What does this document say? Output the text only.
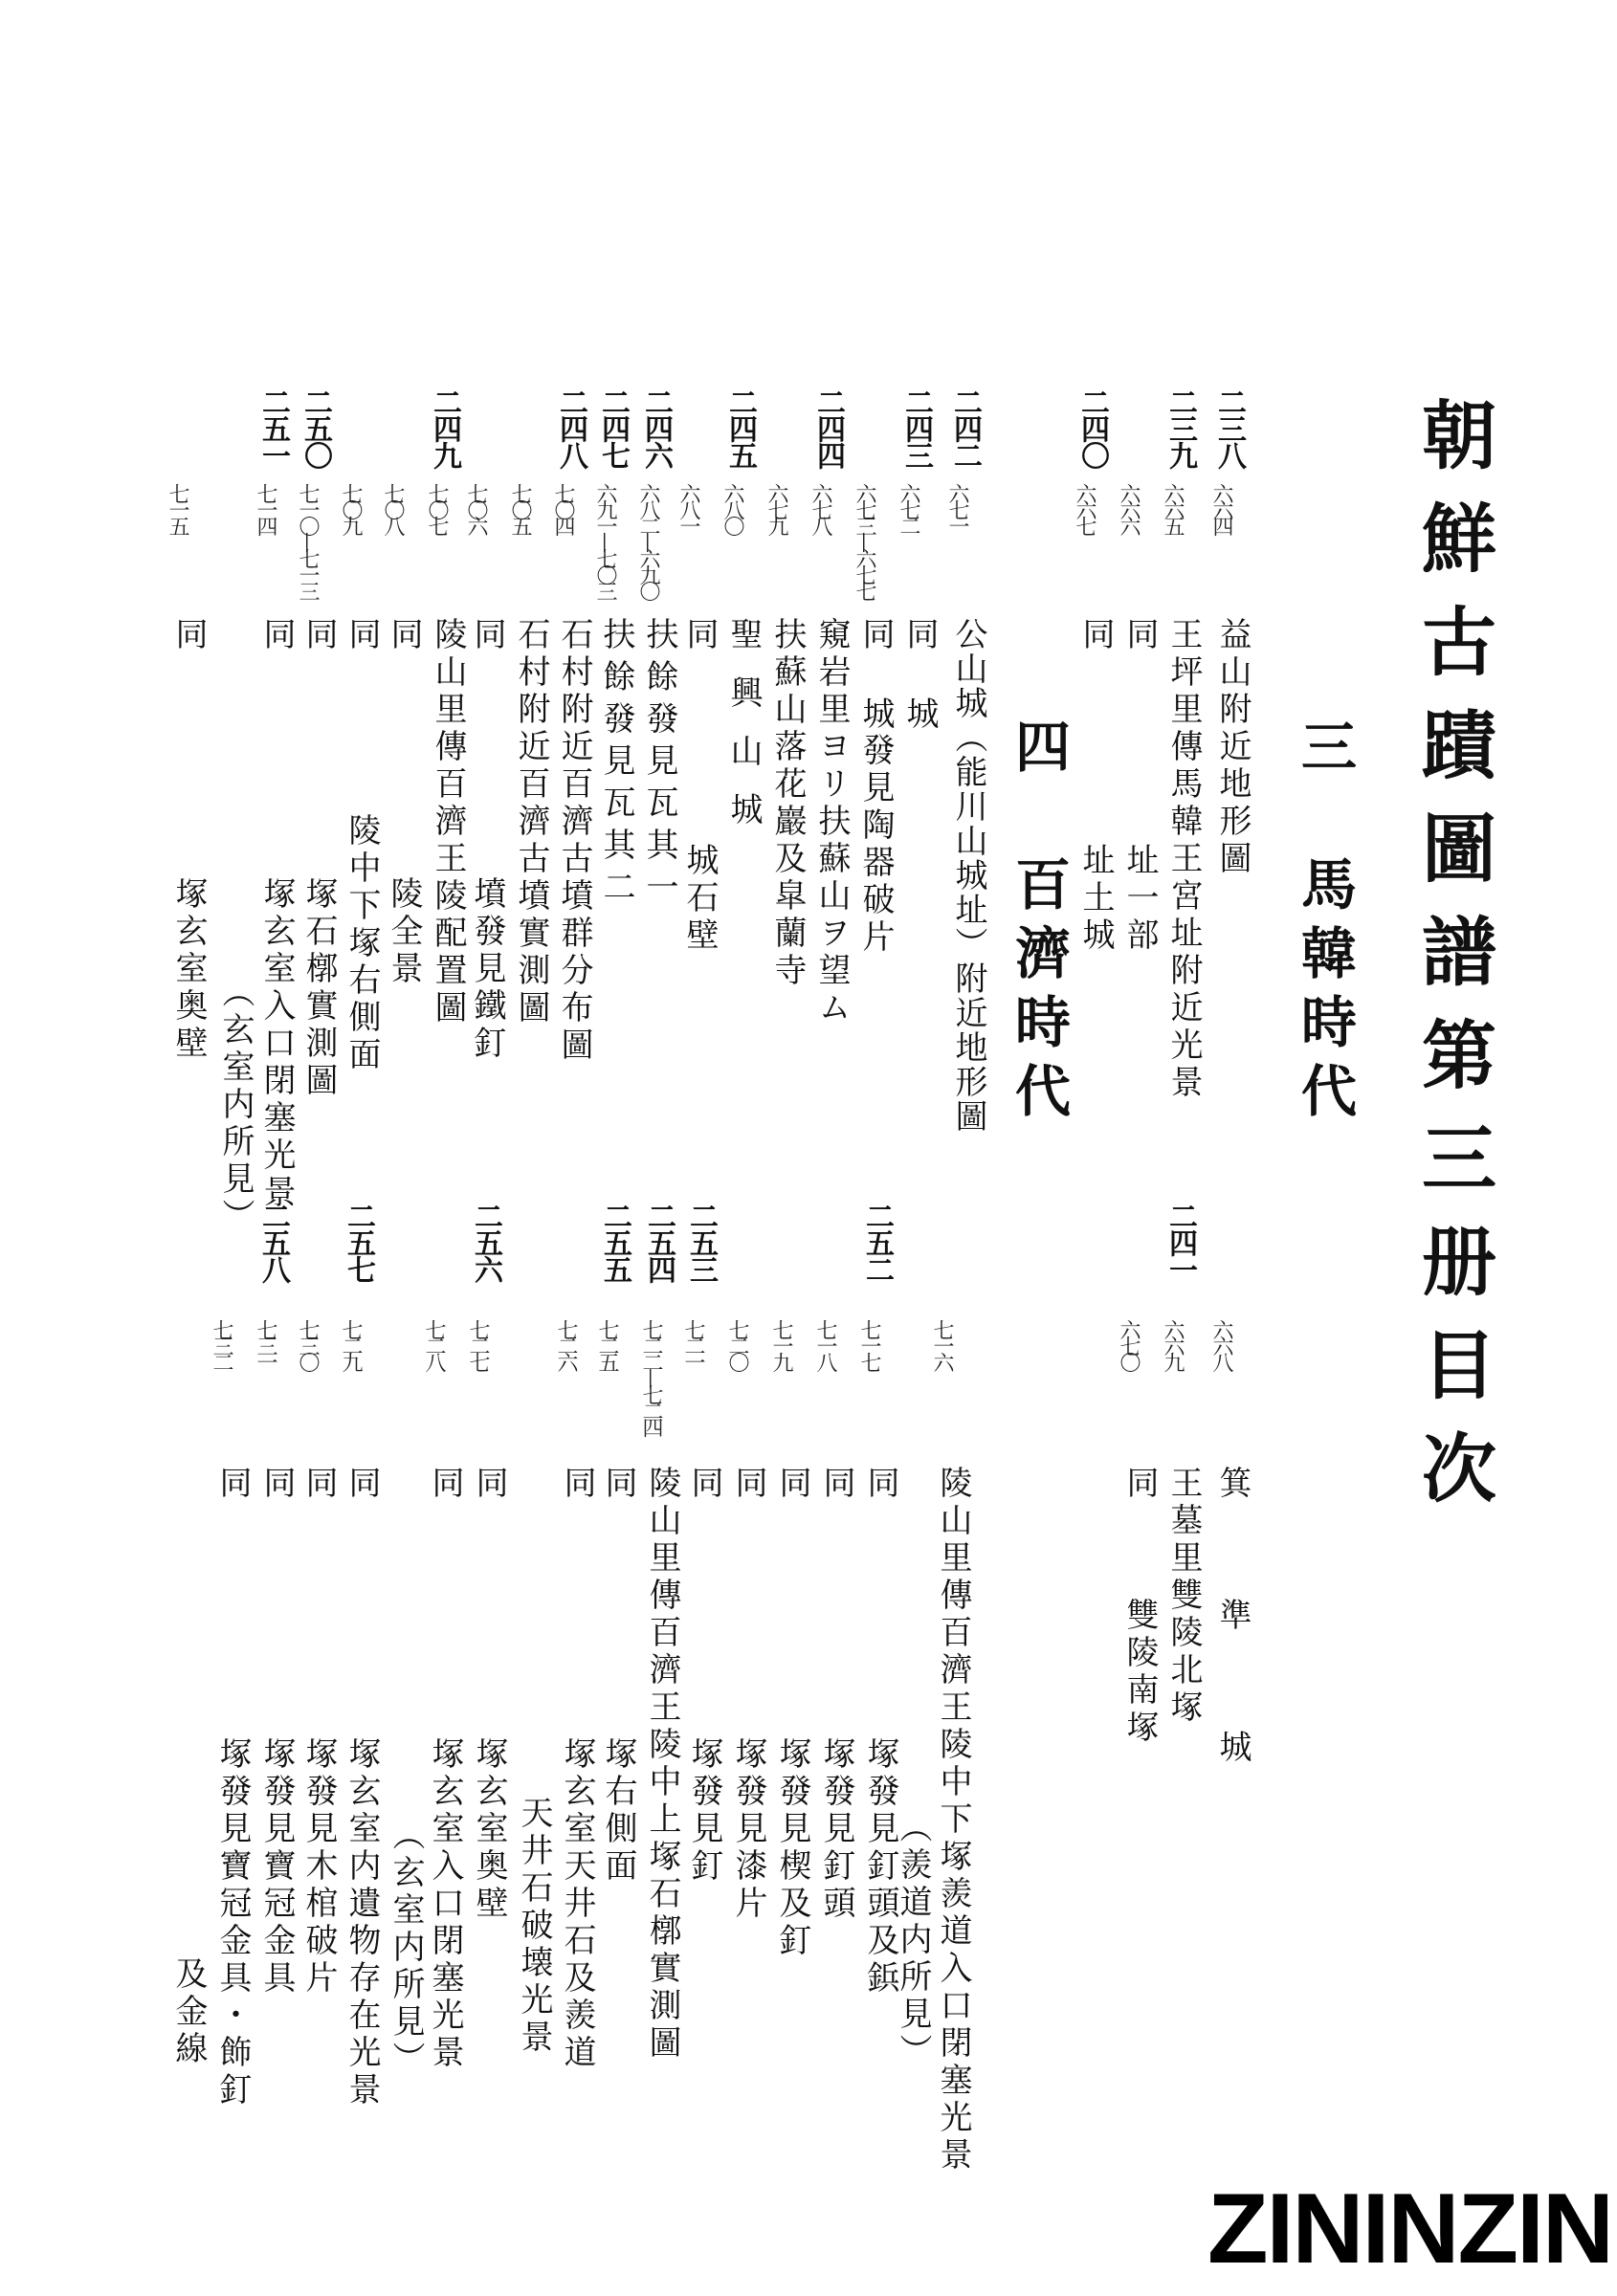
朝鮮古蹟圖譜第三册目次
三　馬韓時代
四　百濟時代
二三八
六六四
益山附近地形圖
二三九
六六五
王坪里傳馬韓王宮址附近光景
六六六
同
址一部
二四〇
六六七
同
址土城
二四二
六七一
公山城（能川山城址）附近地形圖
二四三
六七二
同
城
六七三—六七七
同
城
發見陶器破片
二四四
六七八
窺岩里ヨリ扶蘇山ヲ望ム
六七九
扶蘇山落花巖及皐蘭寺
二四五
六八〇
聖興山城
六八一
同
城石壁
二四六
六八二—六九〇
扶餘發見瓦其一
二四七
六九一—七〇三
扶餘發見瓦其二
二四八
七〇四
石村附近百濟古墳群分布圖
七〇五
石村附近百濟古墳實測圖
七〇六
同
墳發見鐵釘
二四九
七〇七
陵山里傳百濟王陵配置圖
七〇八
同
陵全景
七〇九
同
陵中下塚右側面
二五〇
七一〇—七一三
同
塚石槨實測圖
二五一
七一四
同
塚玄室入口閉塞光景
（玄室内所見）
七一五
同
塚玄室奥壁
六六八
箕準城
二四一
六六九
王墓里雙陵北塚
六七〇
同
雙陵南塚
七一六
陵山里傳百濟王陵中下塚羨道入口閉塞光景
（羨道内所見）
二五二
七一七
同
塚發見釘頭及鋲
七一八
同
塚發見釘頭
七一九
同
塚發見楔及釘
七二〇
同
塚發見漆片
二五三
七二一
同
塚發見釘
二五四
七二二—七二四
陵山里傳百濟王陵中上塚石槨實測圖
二五五
七二五
同
塚右側面
七二六
同
塚玄室天井石及羨道
天井石破壊光景
二五六
七二七
同
塚玄室奥壁
七二八
同
塚玄室入口閉塞光景
（玄室内所見）
二五七
七二九
同
塚玄室内遺物存在光景
七三〇
同
塚發見木棺破片
二五八
七三一
同
塚發見寶冠金具
七三二
同
塚發見寶冠金具・飾釘
及金線
ZININZIN
